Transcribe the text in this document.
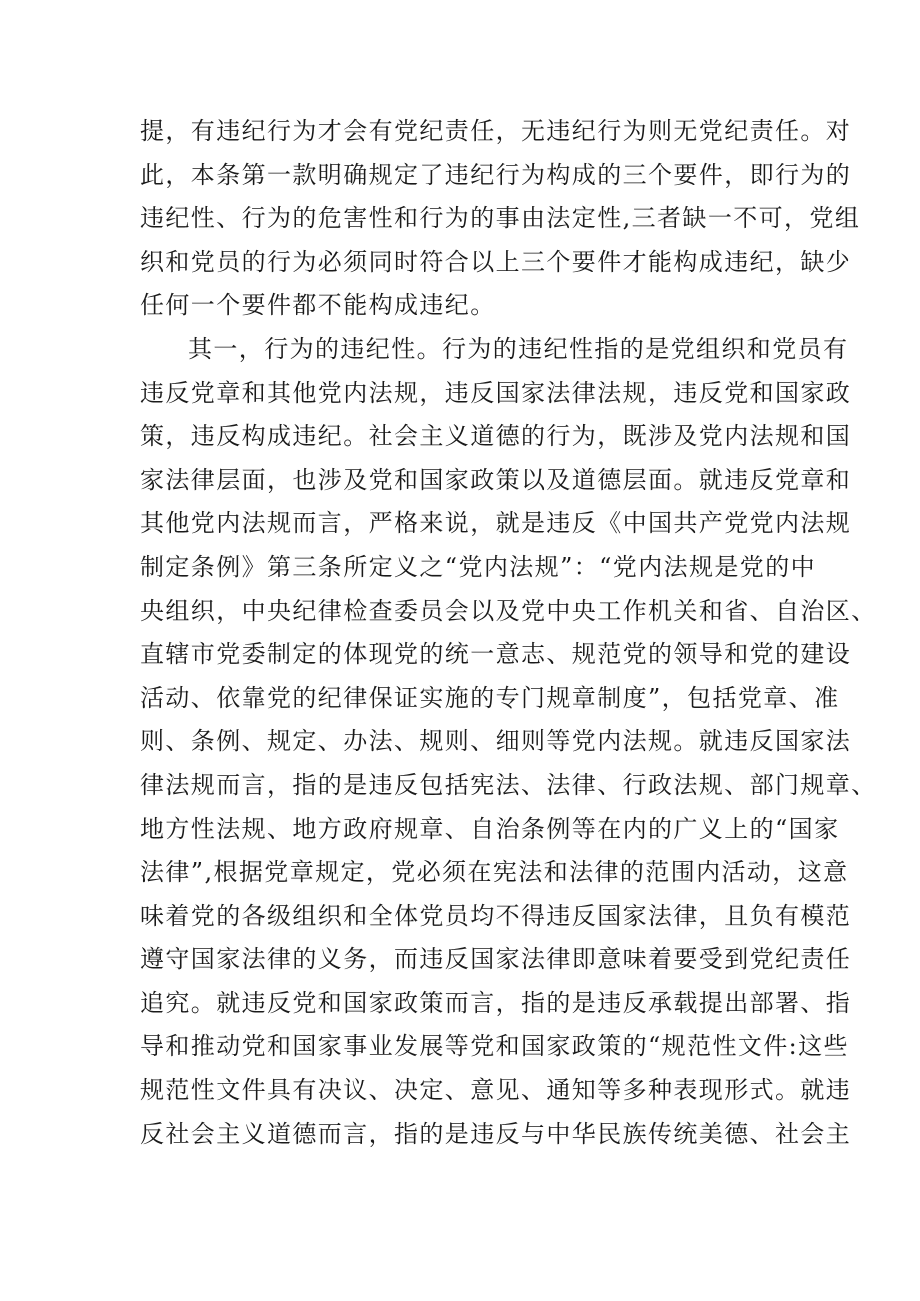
提，有违纪行为才会有党纪责任，无违纪行为则无党纪责任。对
此，本条第一款明确规定了违纪行为构成的三个要件，即行为的
违纪性、行为的危害性和行为的事由法定性,三者缺一不可，党组
织和党员的行为必须同时符合以上三个要件才能构成违纪，缺少
任何一个要件都不能构成违纪。
其一，行为的违纪性。行为的违纪性指的是党组织和党员有
违反党章和其他党内法规，违反国家法律法规，违反党和国家政
策，违反构成违纪。社会主义道德的行为，既涉及党内法规和国
家法律层面，也涉及党和国家政策以及道德层面。就违反党章和
其他党内法规而言，严格来说，就是违反《中国共产党党内法规
制定条例》第三条所定义之“党内法规”：“党内法规是党的中
央组织，中央纪律检查委员会以及党中央工作机关和省、自治区、
直辖市党委制定的体现党的统一意志、规范党的领导和党的建设
活动、依靠党的纪律保证实施的专门规章制度”，包括党章、准
则、条例、规定、办法、规则、细则等党内法规。就违反国家法
律法规而言，指的是违反包括宪法、法律、行政法规、部门规章、
地方性法规、地方政府规章、自治条例等在内的广义上的“国家
法律”,根据党章规定，党必须在宪法和法律的范围内活动，这意
味着党的各级组织和全体党员均不得违反国家法律，且负有模范
遵守国家法律的义务，而违反国家法律即意味着要受到党纪责任
追究。就违反党和国家政策而言，指的是违反承载提出部署、指
导和推动党和国家事业发展等党和国家政策的“规范性文件:这些
规范性文件具有决议、决定、意见、通知等多种表现形式。就违
反社会主义道德而言，指的是违反与中华民族传统美德、社会主
